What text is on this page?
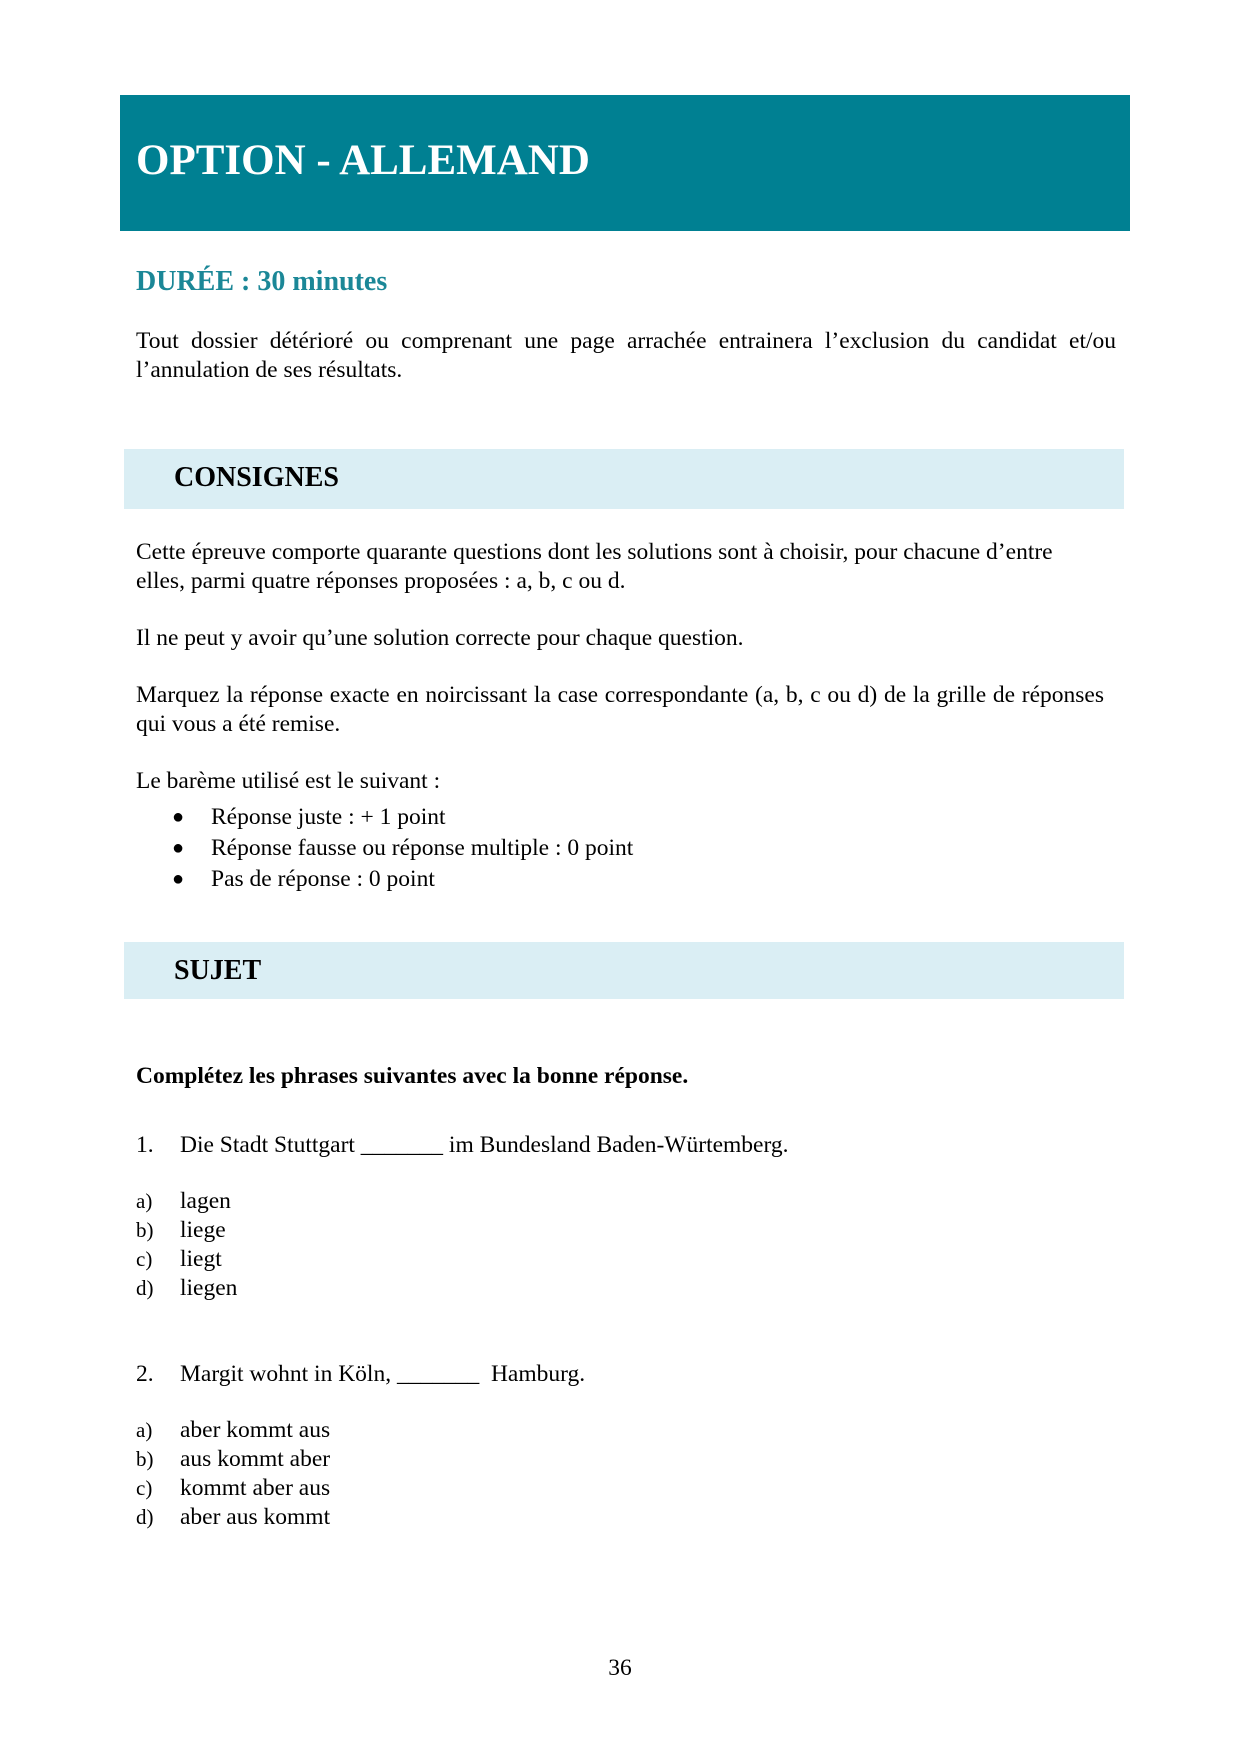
OPTION - ALLEMAND

DURÉE : 30 minutes

Tout dossier détérioré ou comprenant une page arrachée entrainera l’exclusion du candidat et/ou l’annulation de ses résultats.

CONSIGNES

Cette épreuve comporte quarante questions dont les solutions sont à choisir, pour chacune d’entre elles, parmi quatre réponses proposées : a, b, c ou d.

Il ne peut y avoir qu’une solution correcte pour chaque question.

Marquez la réponse exacte en noircissant la case correspondante (a, b, c ou d) de la grille de réponses qui vous a été remise.

Le barème utilisé est le suivant :

● Réponse juste : + 1 point
● Réponse fausse ou réponse multiple : 0 point
● Pas de réponse : 0 point
SUJET

Complétez les phrases suivantes avec la bonne réponse.

1. Die Stadt Stuttgart _______ im Bundesland Baden-Würtemberg.
a) lagen
b) liege
c) liegt
d) liegen
2. Margit wohnt in Köln, _______  Hamburg.
a) aber kommt aus
b) aus kommt aber
c) kommt aber aus
d) aber aus kommt
36
